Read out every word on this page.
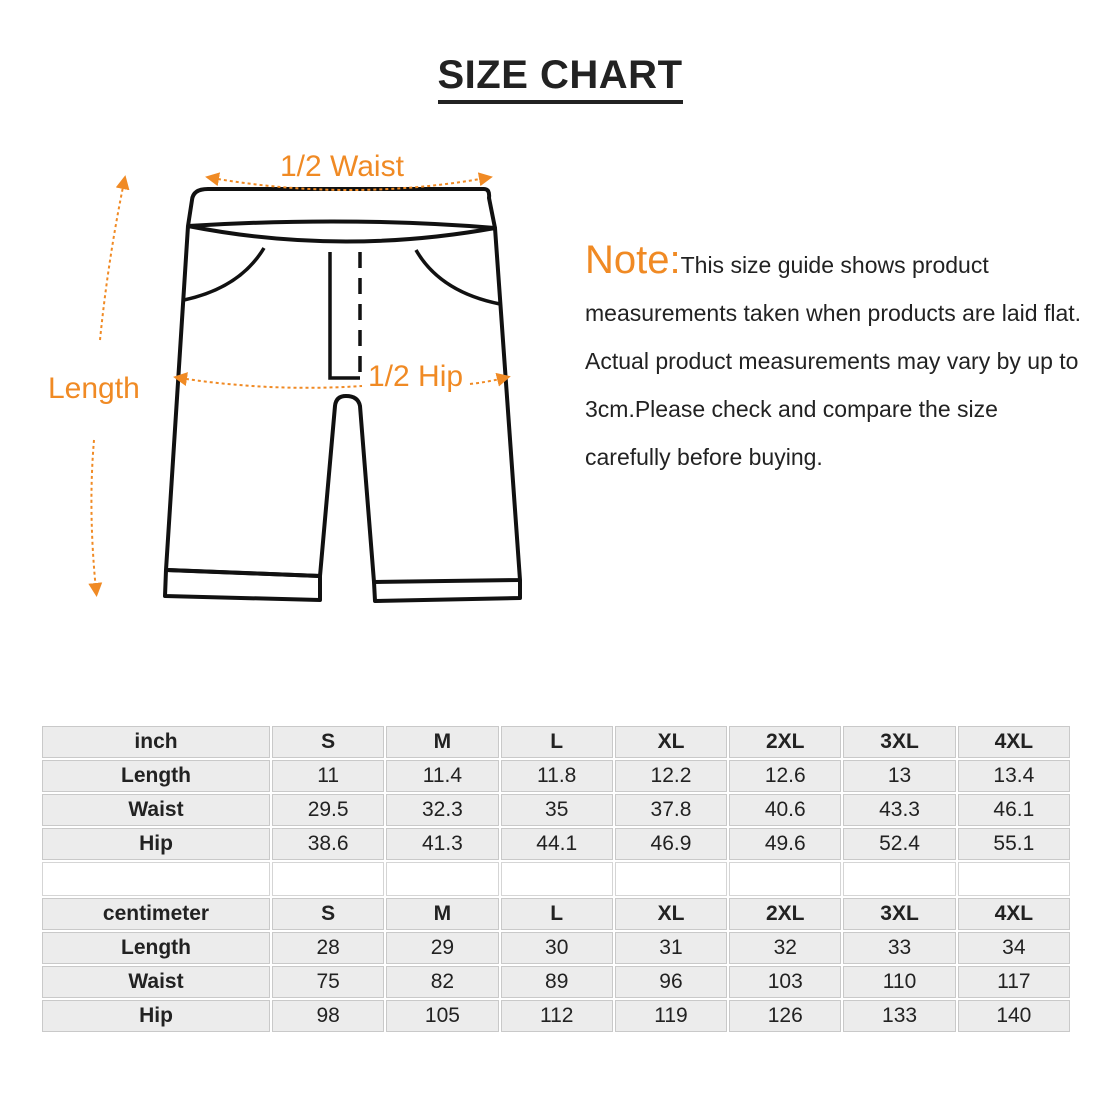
SIZE CHART
1/2 Waist
1/2 Hip
Length
Note:This size guide shows product measurements taken when products are laid flat. Actual product measurements may vary by up to 3cm.Please check and compare the size carefully before buying.
inch	S	M	L	XL	2XL	3XL	4XL
Length	11	11.4	11.8	12.2	12.6	13	13.4
Waist	29.5	32.3	35	37.8	40.6	43.3	46.1
Hip	38.6	41.3	44.1	46.9	49.6	52.4	55.1

centimeter	S	M	L	XL	2XL	3XL	4XL
Length	28	29	30	31	32	33	34
Waist	75	82	89	96	103	110	117
Hip	98	105	112	119	126	133	140
